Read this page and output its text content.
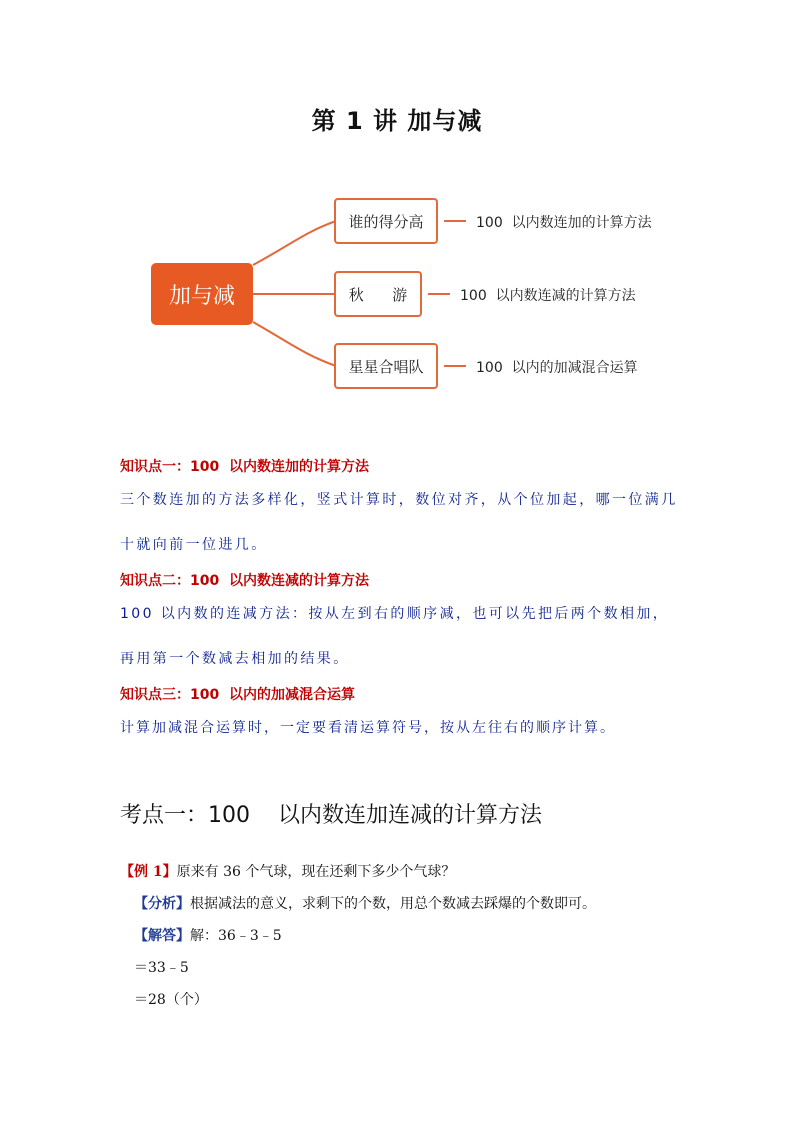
第 1 讲 加与减
加与减
谁的得分高
秋      游
星星合唱队
100  以内数连加的计算方法
100  以内数连减的计算方法
100  以内的加减混合运算
知识点一：100  以内数连加的计算方法
三个数连加的方法多样化，竖式计算时，数位对齐，从个位加起，哪一位满几十就向前一位进几。
知识点二：100  以内数连减的计算方法
100 以内数的连减方法：按从左到右的顺序减，也可以先把后两个数相加，再用第一个数减去相加的结果。
知识点三：100  以内的加减混合运算
计算加减混合运算时，一定要看清运算符号，按从左往右的顺序计算。
考点一：100    以内数连加连减的计算方法
【例 1】原来有 36 个气球，现在还剩下多少个气球？
【分析】根据减法的意义，求剩下的个数，用总个数减去踩爆的个数即可。
【解答】解：36﹣3﹣5
＝33﹣5
＝28（个）
